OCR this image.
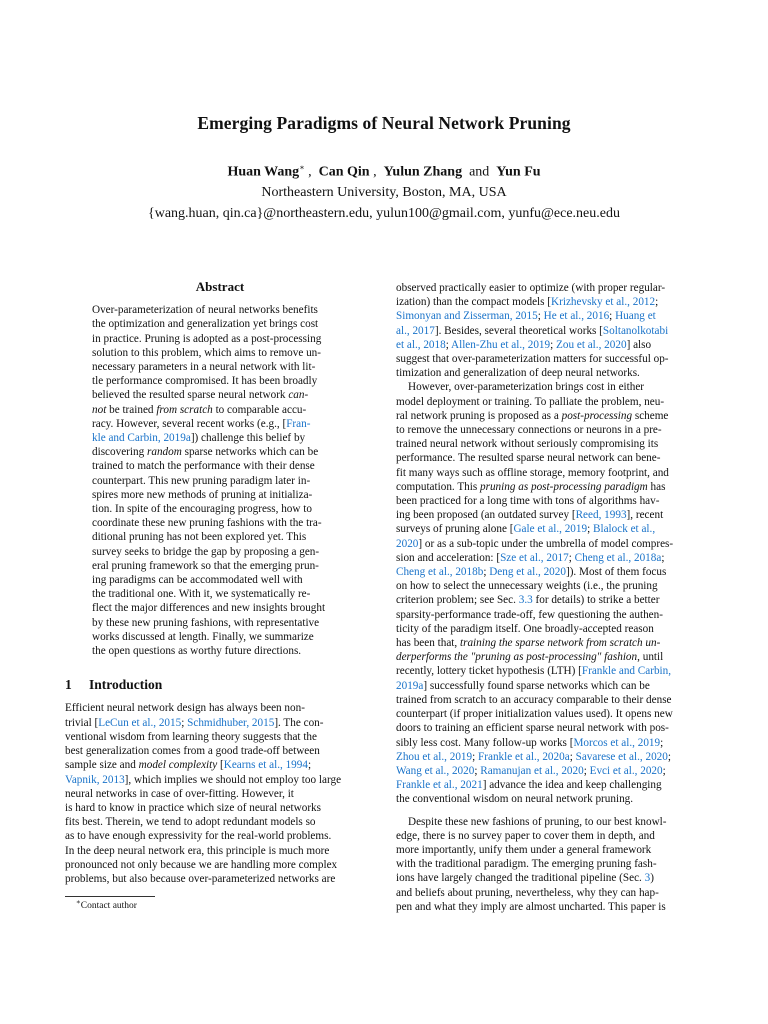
Emerging Paradigms of Neural Network Pruning
Huan Wang∗ ,  Can Qin ,  Yulun Zhang and Yun Fu
Northeastern University, Boston, MA, USA
{wang.huan, qin.ca}@northeastern.edu, yulun100@gmail.com, yunfu@ece.neu.edu
Abstract

Over-parameterization of neural networks benefits

the optimization and generalization yet brings cost

in practice. Pruning is adopted as a post-processing

solution to this problem, which aims to remove un-

necessary parameters in a neural network with lit-

tle performance compromised. It has been broadly

believed the resulted sparse neural network can-

not be trained from scratch to comparable accu-

racy. However, several recent works (e.g., [Fran-

kle and Carbin, 2019a]) challenge this belief by

discovering random sparse networks which can be

trained to match the performance with their dense

counterpart. This new pruning paradigm later in-

spires more new methods of pruning at initializa-

tion. In spite of the encouraging progress, how to

coordinate these new pruning fashions with the tra-

ditional pruning has not been explored yet. This

survey seeks to bridge the gap by proposing a gen-

eral pruning framework so that the emerging prun-

ing paradigms can be accommodated well with

the traditional one. With it, we systematically re-

flect the major differences and new insights brought

by these new pruning fashions, with representative

works discussed at length. Finally, we summarize

the open questions as worthy future directions.

1 Introduction

Efficient neural network design has always been non-

trivial [LeCun et al., 2015; Schmidhuber, 2015]. The con-

ventional wisdom from learning theory suggests that the

best generalization comes from a good trade-off between

sample size and model complexity [Kearns et al., 1994;

Vapnik, 2013], which implies we should not employ too large

neural networks in case of over-fitting. However, it

is hard to know in practice which size of neural networks

fits best. Therein, we tend to adopt redundant models so

as to have enough expressivity for the real-world problems.

In the deep neural network era, this principle is much more

pronounced not only because we are handling more complex

problems, but also because over-parameterized networks are

∗Contact author

observed practically easier to optimize (with proper regular-

ization) than the compact models [Krizhevsky et al., 2012;

Simonyan and Zisserman, 2015; He et al., 2016; Huang et

al., 2017]. Besides, several theoretical works [Soltanolkotabi

et al., 2018; Allen-Zhu et al., 2019; Zou et al., 2020] also

suggest that over-parameterization matters for successful op-

timization and generalization of deep neural networks.

However, over-parameterization brings cost in either

model deployment or training. To palliate the problem, neu-

ral network pruning is proposed as a post-processing scheme

to remove the unnecessary connections or neurons in a pre-

trained neural network without seriously compromising its

performance. The resulted sparse neural network can bene-

fit many ways such as offline storage, memory footprint, and

computation. This pruning as post-processing paradigm has

been practiced for a long time with tons of algorithms hav-

ing been proposed (an outdated survey [Reed, 1993], recent

surveys of pruning alone [Gale et al., 2019; Blalock et al.,

2020] or as a sub-topic under the umbrella of model compres-

sion and acceleration: [Sze et al., 2017; Cheng et al., 2018a;

Cheng et al., 2018b; Deng et al., 2020]). Most of them focus

on how to select the unnecessary weights (i.e., the pruning

criterion problem; see Sec. 3.3 for details) to strike a better

sparsity-performance trade-off, few questioning the authen-

ticity of the paradigm itself. One broadly-accepted reason

has been that, training the sparse network from scratch un-

derperforms the "pruning as post-processing" fashion, until

recently, lottery ticket hypothesis (LTH) [Frankle and Carbin,

2019a] successfully found sparse networks which can be

trained from scratch to an accuracy comparable to their dense

counterpart (if proper initialization values used). It opens new

doors to training an efficient sparse neural network with pos-

sibly less cost. Many follow-up works [Morcos et al., 2019;

Zhou et al., 2019; Frankle et al., 2020a; Savarese et al., 2020;

Wang et al., 2020; Ramanujan et al., 2020; Evci et al., 2020;

Frankle et al., 2021] advance the idea and keep challenging

the conventional wisdom on neural network pruning.

Despite these new fashions of pruning, to our best knowl-

edge, there is no survey paper to cover them in depth, and

more importantly, unify them under a general framework

with the traditional paradigm. The emerging pruning fash-

ions have largely changed the traditional pipeline (Sec. 3)

and beliefs about pruning, nevertheless, why they can hap-

pen and what they imply are almost uncharted. This paper is
